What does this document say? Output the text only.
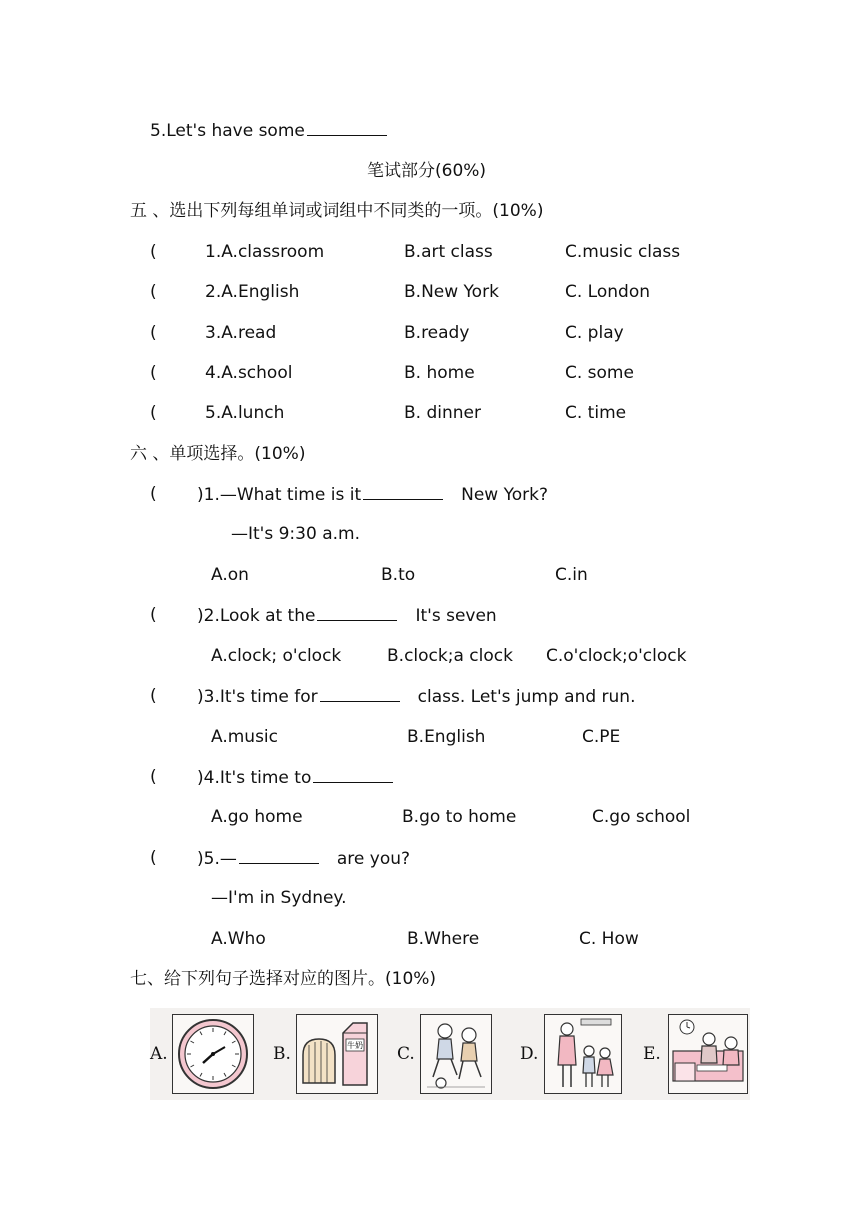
5.Let's have some
笔试部分(60%)
五 、选出下列每组单词或词组中不同类的一项。(10%)
(	1.A.classroom	B.art class	C.music class
(	2.A.English	B.New York	C. London
(	3.A.read	B.ready	C. play
(	4.A.school	B. home	C. some
(	5.A.lunch	B. dinner	C. time
六 、单项选择。(10%)
( )1.—What time is it	New York?
—It's 9:30 a.m.
A.on	B.to	C.in
( )2.Look at the	It's seven
A.clock; o'clock	B.clock;a clock C.o'clock;o'clock
( )3.It's time for	class. Let's jump and run.
A.music	B.English	C.PE
( )4.It's time to
A.go home	B.go to home	C.go school
( )5.—	are you?
—I'm in Sydney.
A.Who	B.Where	C. How
七、给下列句子选择对应的图片。(10%)
A.	B.	牛奶 C.	D.	E.
